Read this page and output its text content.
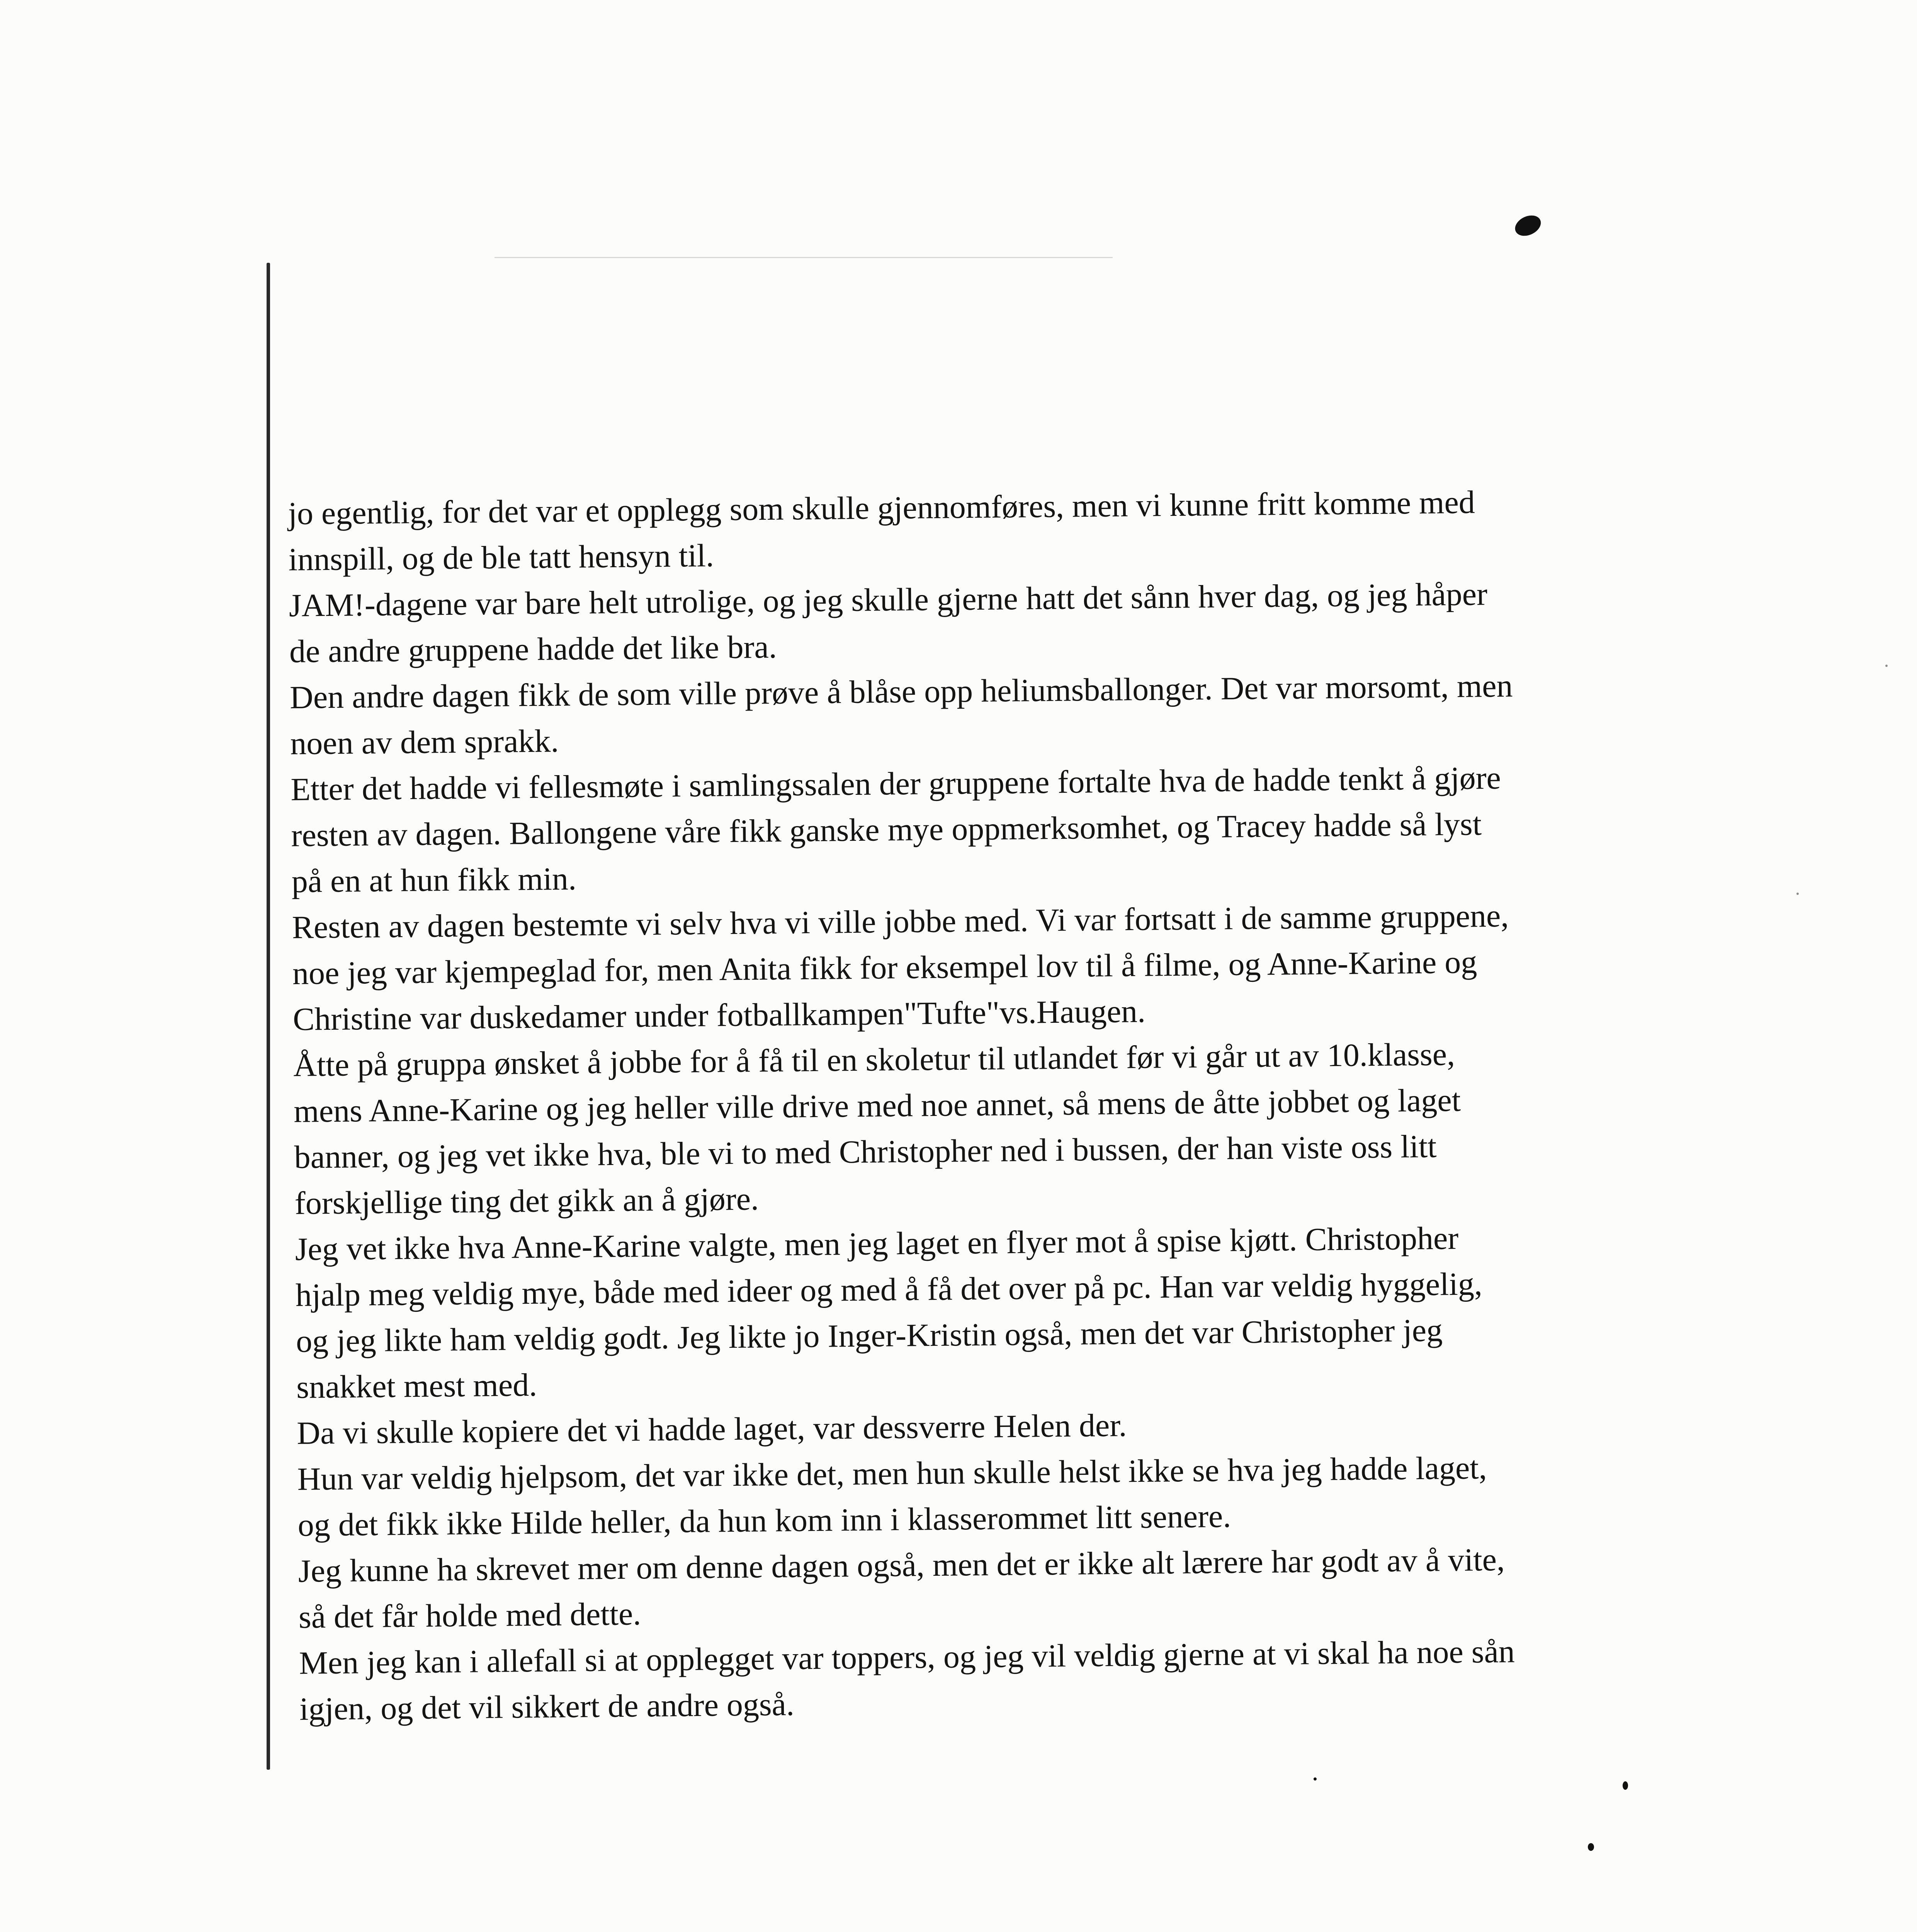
jo egentlig, for det var et opplegg som skulle gjennomføres, men vi kunne fritt komme med

innspill, og de ble tatt hensyn til.

JAM!-dagene var bare helt utrolige, og jeg skulle gjerne hatt det sånn hver dag, og jeg håper

de andre gruppene hadde det like bra.

Den andre dagen fikk de som ville prøve å blåse opp heliumsballonger. Det var morsomt, men

noen av dem sprakk.

Etter det hadde vi fellesmøte i samlingssalen der gruppene fortalte hva de hadde tenkt å gjøre

resten av dagen. Ballongene våre fikk ganske mye oppmerksomhet, og Tracey hadde så lyst

på en at hun fikk min.

Resten av dagen bestemte vi selv hva vi ville jobbe med. Vi var fortsatt i de samme gruppene,

noe jeg var kjempeglad for, men Anita fikk for eksempel lov til å filme, og Anne-Karine og

Christine var duskedamer under fotballkampen"Tufte"vs.Haugen.

Åtte på gruppa ønsket å jobbe for å få til en skoletur til utlandet før vi går ut av 10.klasse,

mens Anne-Karine og jeg heller ville drive med noe annet, så mens de åtte jobbet og laget

banner, og jeg vet ikke hva, ble vi to med Christopher ned i bussen, der han viste oss litt

forskjellige ting det gikk an å gjøre.

Jeg vet ikke hva Anne-Karine valgte, men jeg laget en flyer mot å spise kjøtt. Christopher

hjalp meg veldig mye, både med ideer og med å få det over på pc. Han var veldig hyggelig,

og jeg likte ham veldig godt. Jeg likte jo Inger-Kristin også, men det var Christopher jeg

snakket mest med.

Da vi skulle kopiere det vi hadde laget, var dessverre Helen der.

Hun var veldig hjelpsom, det var ikke det, men hun skulle helst ikke se hva jeg hadde laget,

og det fikk ikke Hilde heller, da hun kom inn i klasserommet litt senere.

Jeg kunne ha skrevet mer om denne dagen også, men det er ikke alt lærere har godt av å vite,

så det får holde med dette.

Men jeg kan i allefall si at opplegget var toppers, og jeg vil veldig gjerne at vi skal ha noe sån

igjen, og det vil sikkert de andre også.
